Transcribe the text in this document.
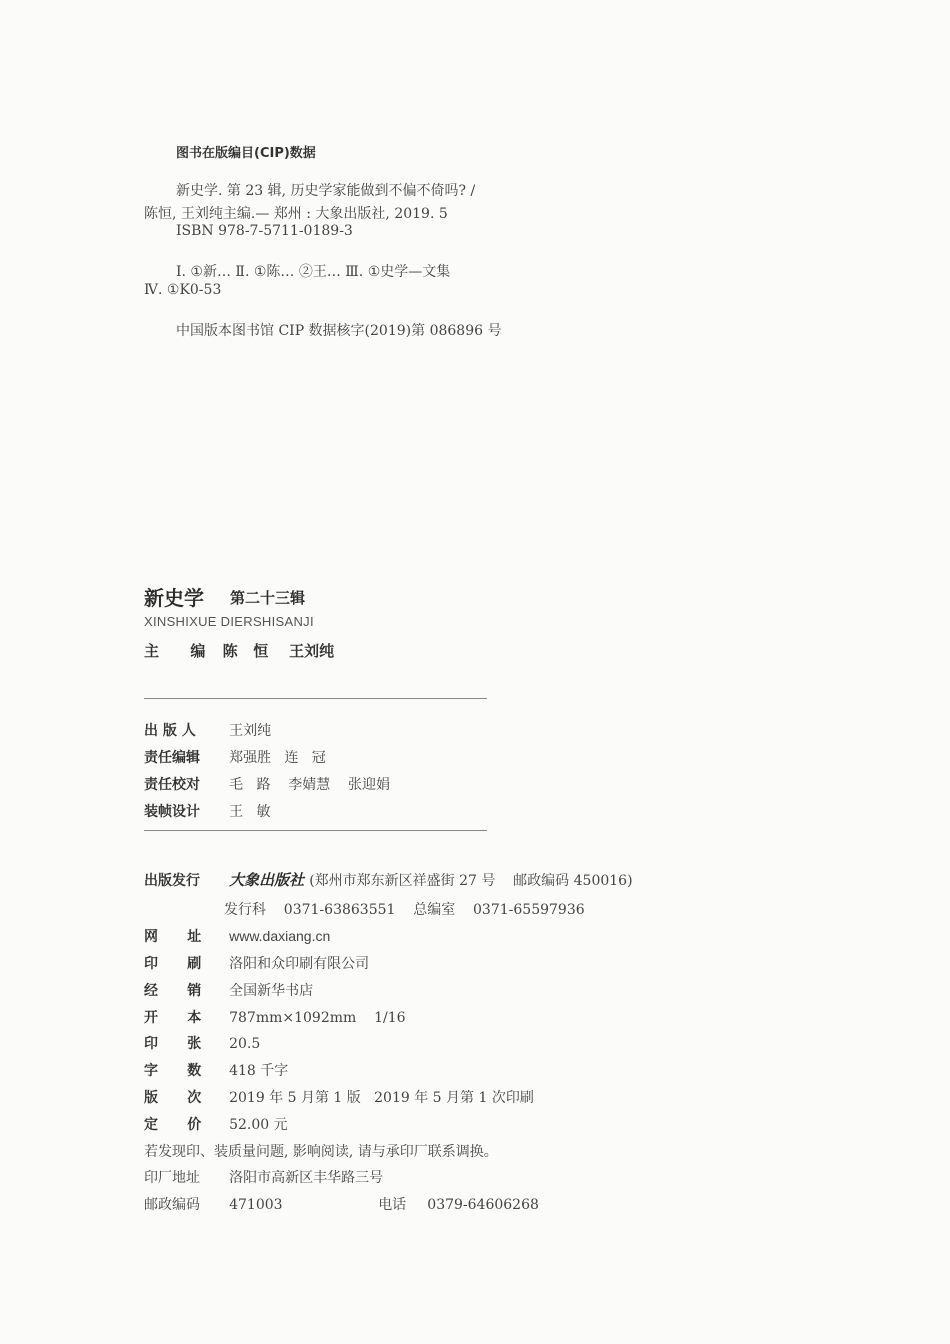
图书在版编目(CIP)数据
新史学. 第 23 辑, 历史学家能做到不偏不倚吗? /
陈恒, 王刘纯主编.— 郑州 : 大象出版社, 2019. 5
ISBN 978-7-5711-0189-3
Ⅰ. ①新… Ⅱ. ①陈… ②王… Ⅲ. ①史学—文集
Ⅳ. ①K0-53
中国版本图书馆 CIP 数据核字(2019)第 086896 号
新史学 第二十三辑
XINSHIXUE DIERSHISANJI
主      编 陈   恒    王刘纯
出 版 人 王刘纯
责任编辑 郑强胜   连   冠
责任校对 毛   路    李婧慧    张迎娟
装帧设计 王   敏
出版发行 大象出版社 (郑州市郑东新区祥盛街 27 号    邮政编码 450016)
发行科    0371-63863551    总编室    0371-65597936
网      址 www.daxiang.cn
印      刷 洛阳和众印刷有限公司
经      销 全国新华书店
开      本 787mm×1092mm    1/16
印      张 20.5
字      数 418 千字
版      次 2019 年 5 月第 1 版   2019 年 5 月第 1 次印刷
定      价 52.00 元
若发现印、装质量问题, 影响阅读, 请与承印厂联系调换。
印厂地址 洛阳市高新区丰华路三号
邮政编码 471003	电话 0379-64606268
